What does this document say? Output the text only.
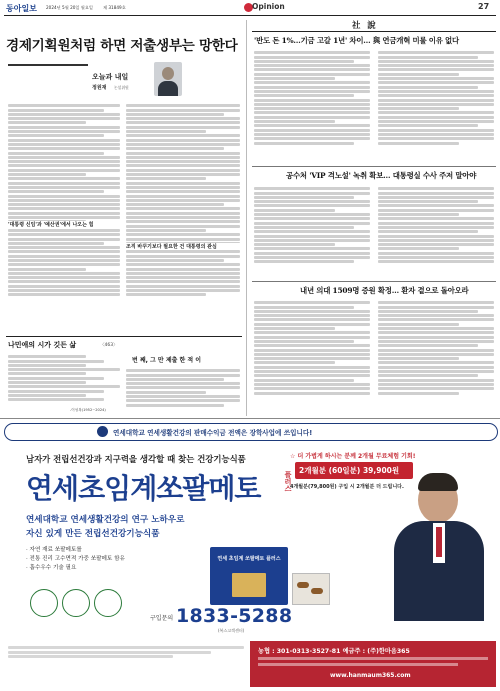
동아일보 2024년 5월 20일 월요일 제 31849호	Opinion	27
경제기획원처럼 하면 저출생부는 망한다
오늘과 내일
정원재 논설위원
'대통령 신임'과 '예산권'에서 나오는 힘
조직 바꾸기보다 필요한 건 대통령의 관심
나민애의 시가 깃든 삶	〈463〉
-이성복(1952~2024)
번 째, 그 만 제출 한 적 이
社 說
'반도 돈 1%…기금 고갈 1년' 차이… 與 연금개혁 미룰 이유 없다
공수처 'VIP 격노설' 녹취 확보… 대통령실 수사 주저 말아야
내년 의대 1509명 증원 확정… 환자 곁으로 돌아오라
연세대학교 연세생활건강의 판매수익금 전액은 장학사업에 쓰입니다!
남자가 전립선건강과 지구력을 생각할 때 찾는 건강기능식품
연세초임계쏘팔메토	플러스
연세대학교 연세생활건강의 연구 노하우로
자신 있게 만든 전립선건강기능식품
· 자연 재료 쏘팔메토를
· 전통 진리 고수면적 가중 쏘팔메토 함유
· 흡수우수 기술 필요
연세 초임계 쏘팔메토 플러스
☆ 더 가볍게 하시는 분께 2개월 무료체험 기회!
2개월분 (60일분) 39,900원
4개월분(79,800원) 구입 시 2개월분 더 드립니다.
구입문의 1833-5288
(복스고객센터)
농협 : 301-0313-3527-81 예금주 : (주)한마음365
www.hanmaum365.com
